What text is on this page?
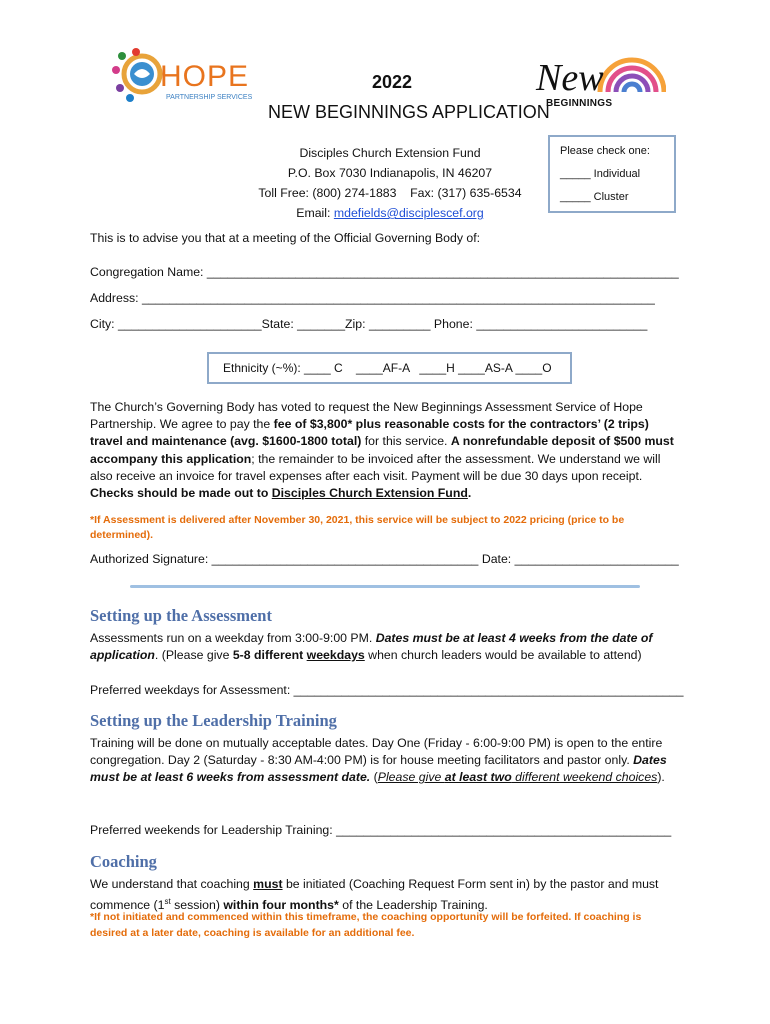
HOPE
PARTNERSHIP SERVICES
2022
NEW BEGINNINGS APPLICATION
New
BEGINNINGS
Disciples Church Extension Fund
P.O. Box 7030 Indianapolis, IN 46207
Toll Free: (800) 274-1883    Fax: (317) 635-6534
Email: mdefields@disciplescef.org
Please check one:
_____ Individual
_____ Cluster
This is to advise you that at a meeting of the Official Governing Body of:
Congregation Name: _____________________________________________________________________
Address: ___________________________________________________________________________
City: _____________________State: _______Zip: _________ Phone: _________________________
Ethnicity (~%): ____ C    ____AF-A   ____H ____AS-A ____O
The Church’s Governing Body has voted to request the New Beginnings Assessment Service of Hope Partnership. We agree to pay the fee of $3,800* plus reasonable costs for the contractors’ (2 trips) travel and maintenance (avg. $1600-1800 total) for this service. A nonrefundable deposit of $500 must accompany this application; the remainder to be invoiced after the assessment. We understand we will also receive an invoice for travel expenses after each visit. Payment will be due 30 days upon receipt. Checks should be made out to Disciples Church Extension Fund.
*If Assessment is delivered after November 30, 2021, this service will be subject to 2022 pricing (price to be determined).
Authorized Signature: _______________________________________ Date: ________________________
Setting up the Assessment
Assessments run on a weekday from 3:00-9:00 PM. Dates must be at least 4 weeks from the date of application. (Please give 5-8 different weekdays when church leaders would be available to attend)
Preferred weekdays for Assessment: _________________________________________________________
Setting up the Leadership Training
Training will be done on mutually acceptable dates. Day One (Friday - 6:00-9:00 PM) is open to the entire congregation. Day 2 (Saturday - 8:30 AM-4:00 PM) is for house meeting facilitators and pastor only. Dates must be at least 6 weeks from assessment date. (Please give at least two different weekend choices).
Preferred weekends for Leadership Training: _________________________________________________
Coaching
We understand that coaching must be initiated (Coaching Request Form sent in) by the pastor and must commence (1st session) within four months* of the Leadership Training.
*If not initiated and commenced within this timeframe, the coaching opportunity will be forfeited. If coaching is desired at a later date, coaching is available for an additional fee.
